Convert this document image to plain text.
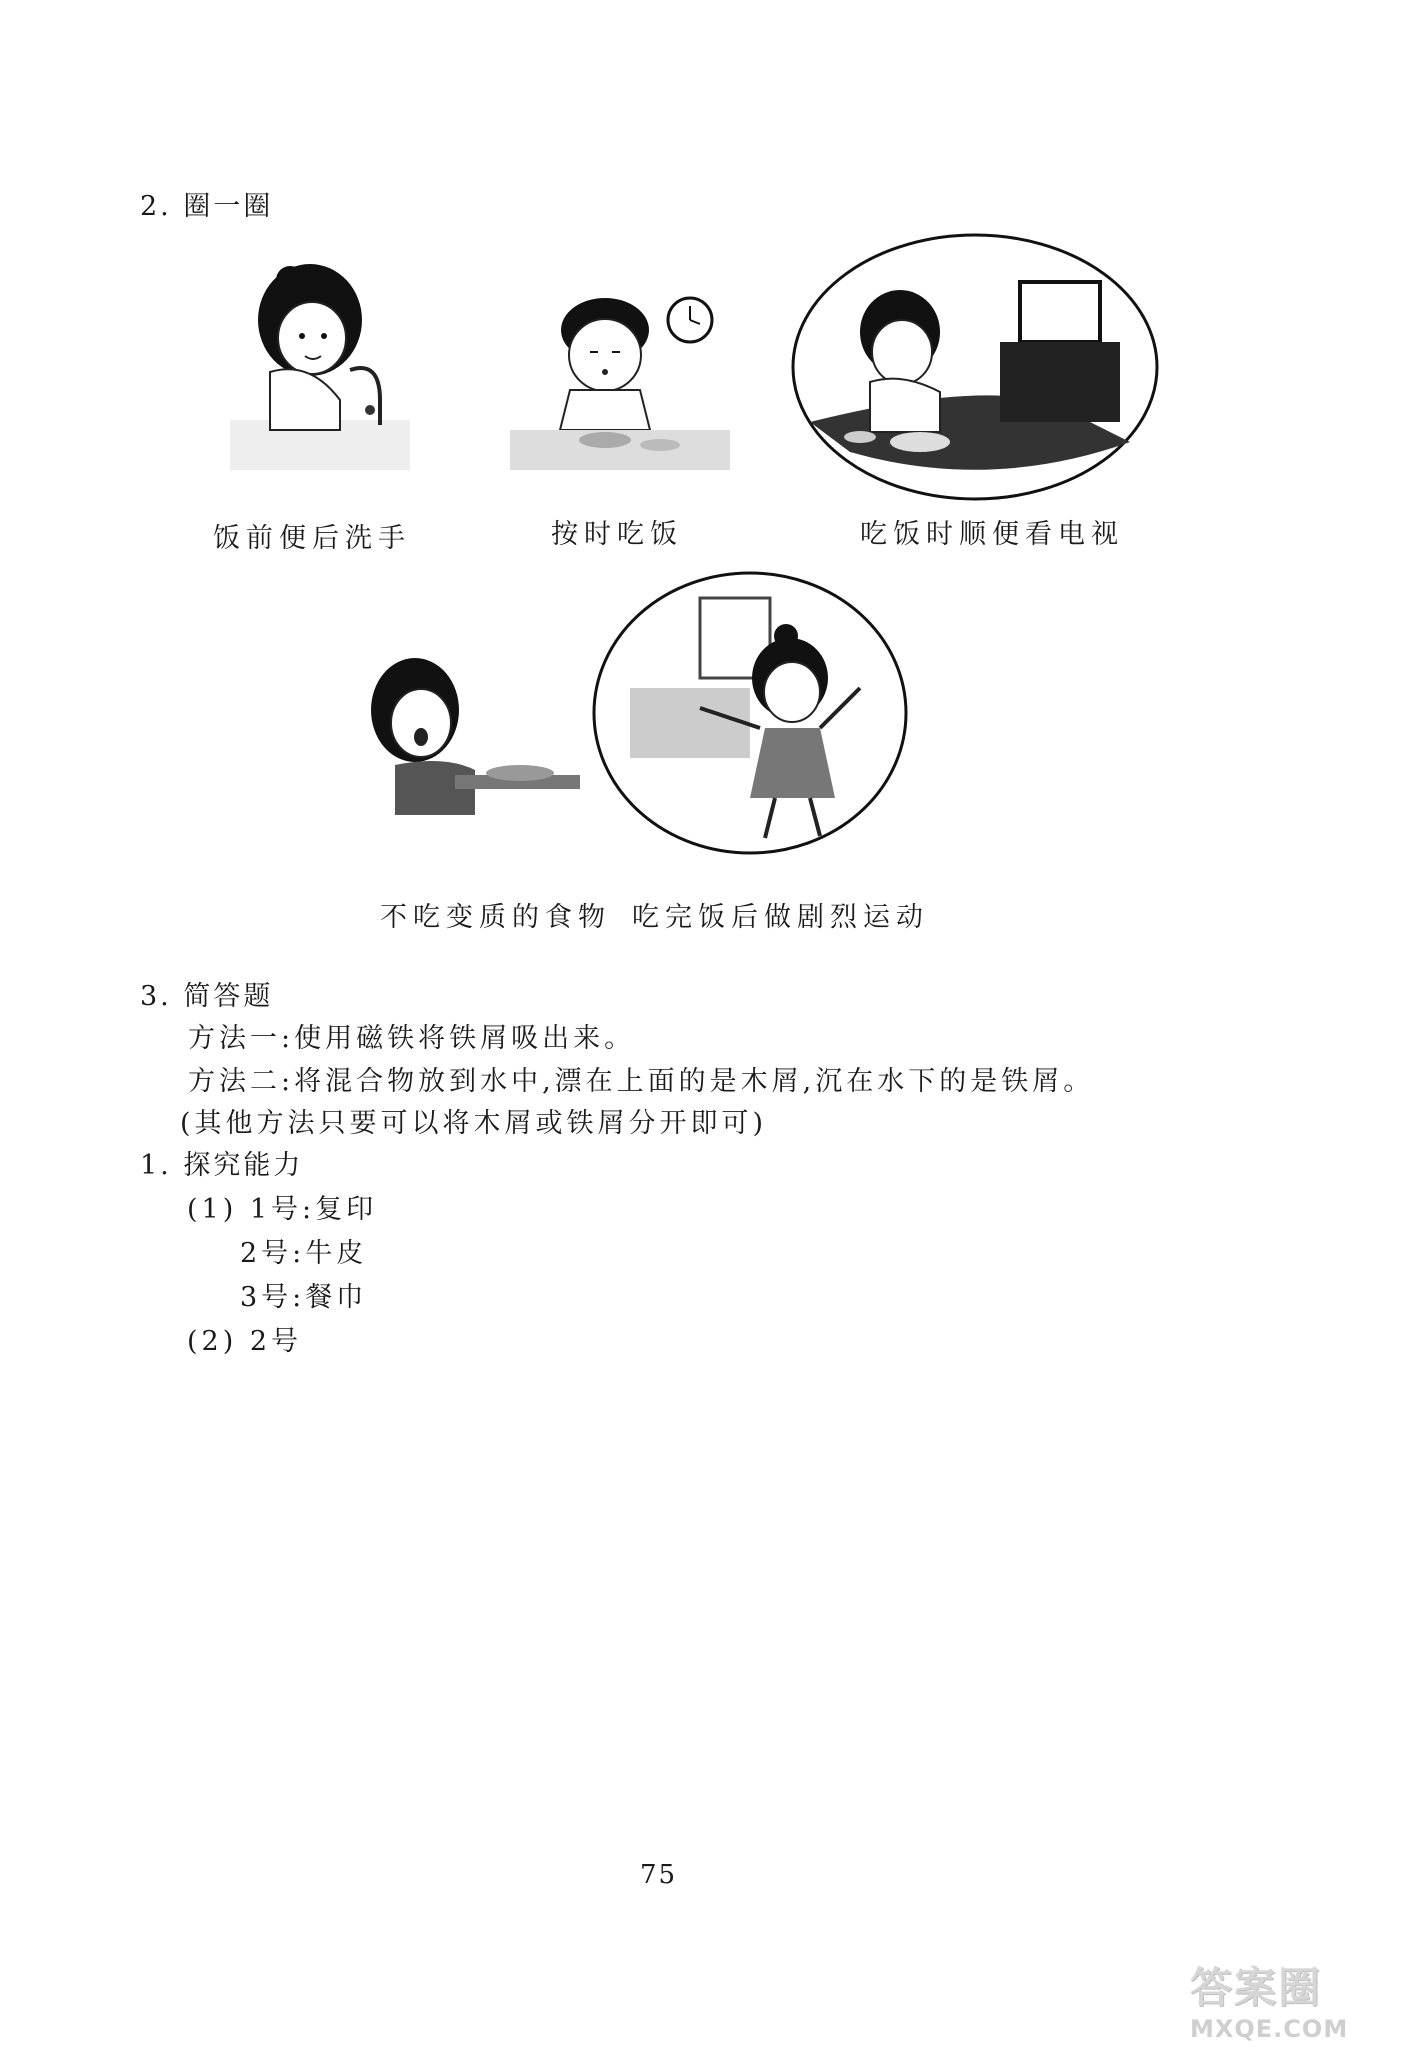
2. 圈一圈
饭前便后洗手	按时吃饭	吃饭时顺便看电视
不吃变质的食物 吃完饭后做剧烈运动
3. 简答题
方法一:使用磁铁将铁屑吸出来。
方法二:将混合物放到水中,漂在上面的是木屑,沉在水下的是铁屑。
(其他方法只要可以将木屑或铁屑分开即可)
1. 探究能力
(1) 1号:复印
2号:牛皮
3号:餐巾
(2) 2号
75
答案圈
MXQE.COM
